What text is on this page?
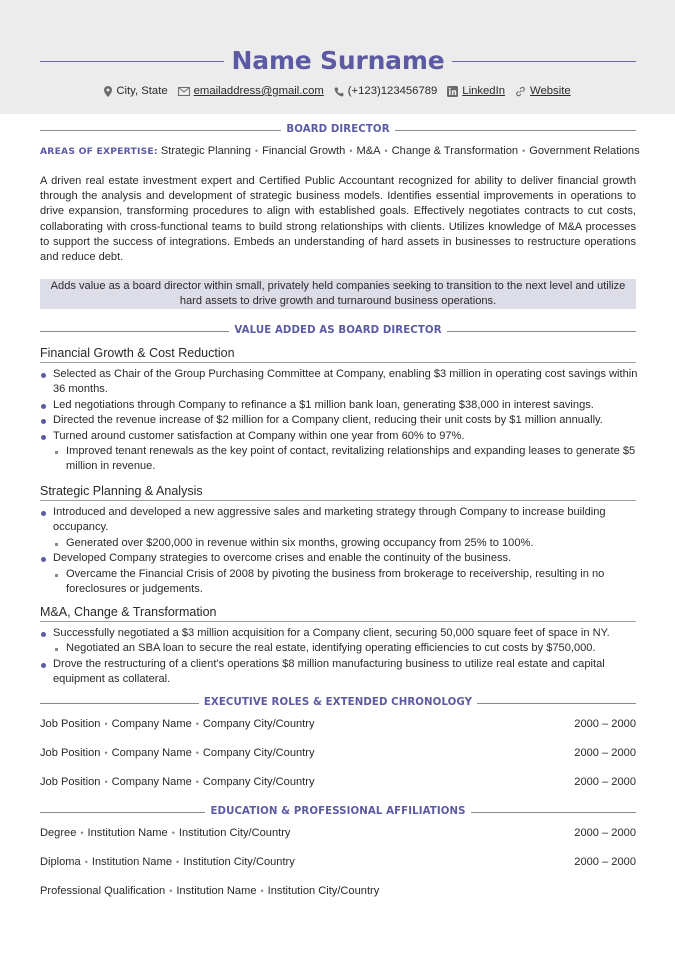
Name Surname
City, State emailaddress@gmail.com (+123)123456789 LinkedIn Website
BOARD DIRECTOR
AREAS OF EXPERTISE: Strategic Planning • Financial Growth • M&A • Change & Transformation • Government Relations

A driven real estate investment expert and Certified Public Accountant recognized for ability to deliver financial growth through the analysis and development of strategic business models. Identifies essential improvements in operations to drive expansion, transforming procedures to align with established goals. Effectively negotiates contracts to cut costs, collaborating with cross-functional teams to build strong relationships with clients. Utilizes knowledge of M&A processes to support the success of integrations. Embeds an understanding of hard assets in businesses to restructure operations and reduce debt.

Adds value as a board director within small, privately held companies seeking to transition to the next level and utilize hard assets to drive growth and turnaround business operations.

VALUE ADDED AS BOARD DIRECTOR
Financial Growth & Cost Reduction
Selected as Chair of the Group Purchasing Committee at Company, enabling $3 million in operating cost savings within 36 months.
Led negotiations through Company to refinance a $1 million bank loan, generating $38,000 in interest savings.
Directed the revenue increase of $2 million for a Company client, reducing their unit costs by $1 million annually.
Turned around customer satisfaction at Company within one year from 60% to 97%.
Improved tenant renewals as the key point of contact, revitalizing relationships and expanding leases to generate $5 million in revenue.
Strategic Planning & Analysis
Introduced and developed a new aggressive sales and marketing strategy through Company to increase building occupancy.
Generated over $200,000 in revenue within six months, growing occupancy from 25% to 100%.
Developed Company strategies to overcome crises and enable the continuity of the business.
Overcame the Financial Crisis of 2008 by pivoting the business from brokerage to receivership, resulting in no foreclosures or judgements.
M&A, Change & Transformation
Successfully negotiated a $3 million acquisition for a Company client, securing 50,000 square feet of space in NY.
Negotiated an SBA loan to secure the real estate, identifying operating efficiencies to cut costs by $750,000.
Drove the restructuring of a client’s operations $8 million manufacturing business to utilize real estate and capital equipment as collateral.
EXECUTIVE ROLES & EXTENDED CHRONOLOGY
Job Position • Company Name • Company City/Country	2000 – 2000
Job Position • Company Name • Company City/Country	2000 – 2000
Job Position • Company Name • Company City/Country	2000 – 2000
EDUCATION & PROFESSIONAL AFFILIATIONS
Degree • Institution Name • Institution City/Country	2000 – 2000
Diploma • Institution Name • Institution City/Country	2000 – 2000
Professional Qualification • Institution Name • Institution City/Country
